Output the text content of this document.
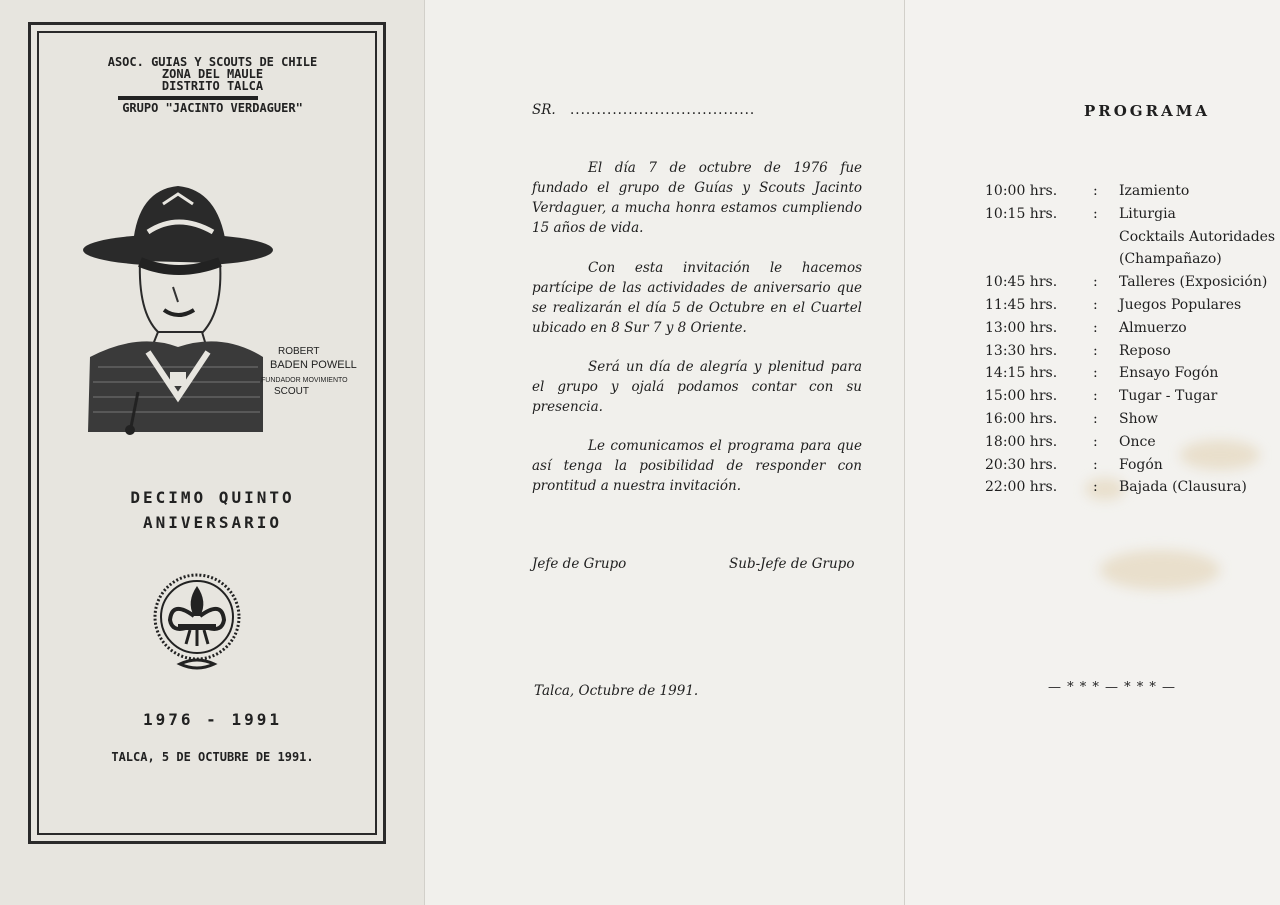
ASOC. GUIAS Y SCOUTS DE CHILE
ZONA DEL MAULE
DISTRITO TALCA
GRUPO "JACINTO VERDAGUER"
ROBERT
BADEN POWELL
FUNDADOR MOVIMIENTO
SCOUT
DECIMO QUINTO
ANIVERSARIO
1976 - 1991
TALCA, 5 DE OCTUBRE DE 1991.
SR. ...................................
El día 7 de octubre de 1976 fue fundado el grupo de Guías y Scouts Jacinto Verdaguer, a mucha honra estamos cumpliendo 15 años de vida.
Con esta invitación le hacemos partícipe de las actividades de aniversario que se realizarán el día 5 de Octubre en el Cuartel ubicado en 8 Sur 7 y 8 Oriente.
Será un día de alegría y plenitud para el grupo y ojalá podamos contar con su presencia.
Le comunicamos el programa para que así tenga la posibilidad de responder con prontitud a nuestra invitación.
Jefe de Grupo	Sub-Jefe de Grupo
Talca, Octubre de 1991.
PROGRAMA
10:00 hrs.	: Izamiento
10:15 hrs.	: Liturgia
Cocktails Autoridades
(Champañazo)
10:45 hrs.	: Talleres (Exposición)
11:45 hrs.	: Juegos Populares
13:00 hrs.	: Almuerzo
13:30 hrs.	: Reposo
14:15 hrs.	: Ensayo Fogón
15:00 hrs.	: Tugar - Tugar
16:00 hrs.	: Show
18:00 hrs.	: Once
20:30 hrs.	: Fogón
22:00 hrs.	: Bajada (Clausura)
— * * * — * * * —
